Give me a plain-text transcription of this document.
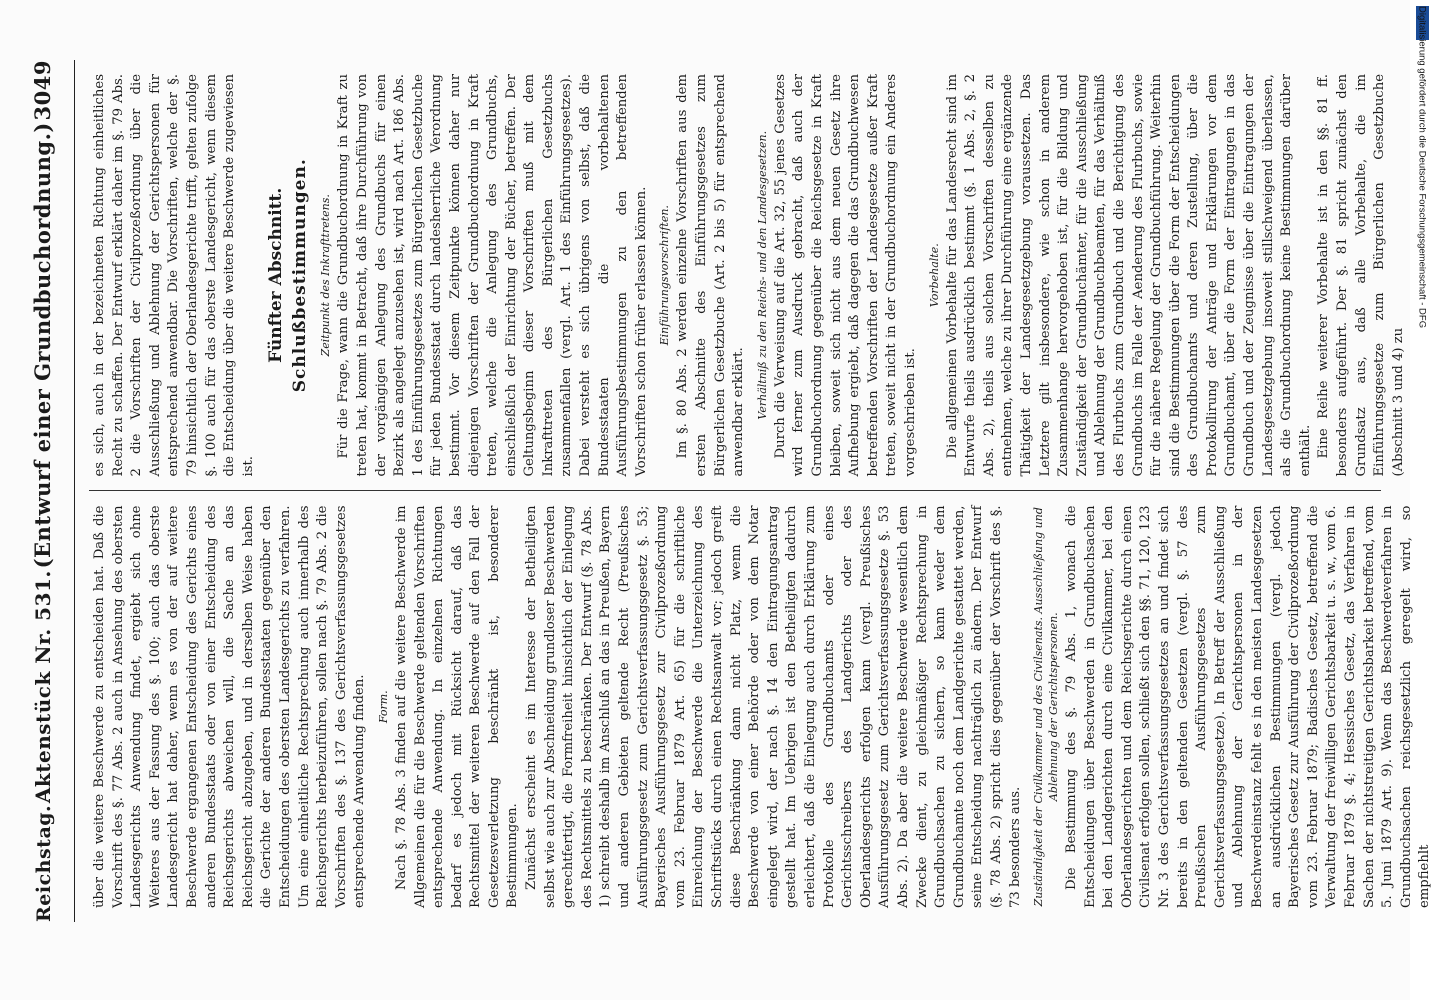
Reichstag.
Aktenstück Nr. 531.
(Entwurf einer Grundbuchordnung.)
3049

über die weitere Beschwerde zu entscheiden hat. Daß die Vorschrift des §. 77 Abs. 2 auch in Ansehung des obersten Landesgerichts Anwendung findet, ergiebt sich ohne Weiteres aus der Fassung des §. 100; auch das oberste Landesgericht hat daher, wenn es von der auf weitere Beschwerde ergangenen Entscheidung des Gerichts eines anderen Bundesstaats oder von einer Entscheidung des Reichsgerichts abweichen will, die Sache an das Reichsgericht abzugeben, und in derselben Weise haben die Gerichte der anderen Bundesstaaten gegenüber den Entscheidungen des obersten Landesgerichts zu verfahren. Um eine einheitliche Rechtsprechung auch innerhalb des Reichsgerichts herbeizuführen, sollen nach §. 79 Abs. 2 die Vorschriften des §. 137 des Gerichtsverfassungsgesetzes entsprechende Anwendung finden. Form. Nach §. 78 Abs. 3 finden auf die weitere Beschwerde im Allgemeinen die für die Beschwerde geltenden Vorschriften entsprechende Anwendung. In einzelnen Richtungen bedarf es jedoch mit Rücksicht darauf, daß das Rechtsmittel der weiteren Beschwerde auf den Fall der Gesetzesverletzung beschränkt ist, besonderer Bestimmungen. Zunächst erscheint es im Interesse der Betheiligten selbst wie auch zur Abschneidung grundloser Beschwerden gerechtfertigt, die Formfreiheit hinsichtlich der Einlegung des Rechtsmittels zu beschränken. Der Entwurf (§. 78 Abs. 1) schreibt deshalb im Anschluß an das in Preußen, Bayern und anderen Gebieten geltende Recht (Preußisches Ausführungsgesetz zum Gerichtsverfassungsgesetz §. 53; Bayerisches Ausführungsgesetz zur Civilprozeßordnung vom 23. Februar 1879 Art. 65) für die schriftliche Einreichung der Beschwerde die Unterzeichnung des Schriftstücks durch einen Rechtsanwalt vor; jedoch greift diese Beschränkung dann nicht Platz, wenn die Beschwerde von einer Behörde oder von dem Notar eingelegt wird, der nach §. 14 den Eintragungsantrag gestellt hat. Im Uebrigen ist den Betheiligten dadurch erleichtert, daß die Einlegung auch durch Erklärung zum Protokolle des Grundbuchamts oder eines Gerichtsschreibers des Landgerichts oder des Oberlandesgerichts erfolgen kann (vergl. Preußisches Ausführungsgesetz zum Gerichtsverfassungsgesetze §. 53 Abs. 2). Da aber die weitere Beschwerde wesentlich dem Zwecke dient, zu gleichmäßiger Rechtsprechung in Grundbuchsachen zu sichern, so kann weder dem Grundbuchamte noch dem Landgerichte gestattet werden, seine Entscheidung nachträglich zu ändern. Der Entwurf (§. 78 Abs. 2) spricht dies gegenüber der Vorschrift des §. 73 besonders aus. Zuständigkeit der Civilkammer und des Civilsenats. Ausschließung und Ablehnung der Gerichtspersonen. Die Bestimmung des §. 79 Abs. 1, wonach die Entscheidungen über Beschwerden in Grundbuchsachen bei den Landgerichten durch eine Civilkammer, bei den Oberlandesgerichten und dem Reichsgerichte durch einen Civilsenat erfolgen sollen, schließt sich den §§. 71, 120, 123 Nr. 3 des Gerichtsverfassungsgesetzes an und findet sich bereits in den geltenden Gesetzen (vergl. §. 57 des Preußischen Ausführungsgesetzes zum Gerichtsverfassungsgesetze). In Betreff der Ausschließung und Ablehnung der Gerichtspersonen in der Beschwerdeinstanz fehlt es in den meisten Landesgesetzen an ausdrücklichen Bestimmungen (vergl. jedoch Bayerisches Gesetz zur Ausführung der Civilprozeßordnung vom 23. Februar 1879; Badisches Gesetz, betreffend die Verwaltung der freiwilligen Gerichtsbarkeit u. s. w., vom 6. Februar 1879 §. 4; Hessisches Gesetz, das Verfahren in Sachen der nichtstreitigen Gerichtsbarkeit betreffend, vom 5. Juni 1879 Art. 9). Wenn das Beschwerdeverfahren in Grundbuchsachen reichsgesetzlich geregelt wird, so empfiehlt

es sich, auch in der bezeichneten Richtung einheitliches Recht zu schaffen. Der Entwurf erklärt daher im §. 79 Abs. 2 die Vorschriften der Civilprozeßordnung über die Ausschließung und Ablehnung der Gerichtspersonen für entsprechend anwendbar. Die Vorschriften, welche der §. 79 hinsichtlich der Oberlandesgerichte trifft, gelten zufolge §. 100 auch für das oberste Landesgericht, wenn diesem die Entscheidung über die weitere Beschwerde zugewiesen ist.

Fünfter Abschnitt. Schlußbestimmungen. Zeitpunkt des Inkrafttretens. Für die Frage, wann die Grundbuchordnung in Kraft zu treten hat, kommt in Betracht, daß ihre Durchführung von der vorgängigen Anlegung des Grundbuchs für einen Bezirk als angelegt anzusehen ist, wird nach Art. 186 Abs. 1 des Einführungsgesetzes zum Bürgerlichen Gesetzbuche für jeden Bundesstaat durch landesherrliche Verordnung bestimmt. Vor diesem Zeitpunkte können daher nur diejenigen Vorschriften der Grundbuchordnung in Kraft treten, welche die Anlegung des Grundbuchs, einschließlich der Einrichtung der Bücher, betreffen. Der Geltungsbeginn dieser Vorschriften muß mit dem Inkrafttreten des Bürgerlichen Gesetzbuchs zusammenfallen (vergl. Art. 1 des Einführungsgesetzes). Dabei versteht es sich übrigens von selbst, daß die Bundesstaaten die vorbehaltenen Ausführungsbestimmungen zu den betreffenden Vorschriften schon früher erlassen können. Einführungsvorschriften. Im §. 80 Abs. 2 werden einzelne Vorschriften aus dem ersten Abschnitte des Einführungsgesetzes zum Bürgerlichen Gesetzbuche (Art. 2 bis 5) für entsprechend anwendbar erklärt. Verhältniß zu den Reichs- und den Landesgesetzen. Durch die Verweisung auf die Art. 32, 55 jenes Gesetzes wird ferner zum Ausdruck gebracht, daß auch der Grundbuchordnung gegenüber die Reichsgesetze in Kraft bleiben, soweit sich nicht aus dem neuen Gesetz ihre Aufhebung ergiebt, daß dagegen die das Grundbuchwesen betreffenden Vorschriften der Landesgesetze außer Kraft treten, soweit nicht in der Grundbuchordnung ein Anderes vorgeschrieben ist.

Vorbehalte. Die allgemeinen Vorbehalte für das Landesrecht sind im Entwurfe theils ausdrücklich bestimmt (§. 1 Abs. 2, §. 2 Abs. 2), theils aus solchen Vorschriften desselben zu entnehmen, welche zu ihrer Durchführung eine ergänzende Thätigkeit der Landesgesetzgebung voraussetzen. Das Letztere gilt insbesondere, wie schon in anderem Zusammenhange hervorgehoben ist, für die Bildung und Zuständigkeit der Grundbuchämter, für die Ausschließung und Ablehnung der Grundbuchbeamten, für das Verhältniß des Flurbuchs zum Grundbuch und die Berichtigung des Grundbuchs im Falle der Aenderung des Flurbuchs, sowie für die nähere Regelung der Grundbuchführung. Weiterhin sind die Bestimmungen über die Form der Entscheidungen des Grundbuchamts und deren Zustellung, über die Protokollirung der Anträge und Erklärungen vor dem Grundbuchamt, über die Form der Eintragungen in das Grundbuch und der Zeugnisse über die Eintragungen der Landesgesetzgebung insoweit stillschweigend überlassen, als die Grundbuchordnung keine Bestimmungen darüber enthält. Eine Reihe weiterer Vorbehalte ist in den §§. 81 ff. besonders aufgeführt. Der §. 81 spricht zunächst den Grundsatz aus, daß alle Vorbehalte, die im Einführungsgesetze zum Bürgerlichen Gesetzbuche (Abschnitt 3 und 4) zu

Digitalisierung gefördert durch die Deutsche Forschungsgemeinschaft - DFG
